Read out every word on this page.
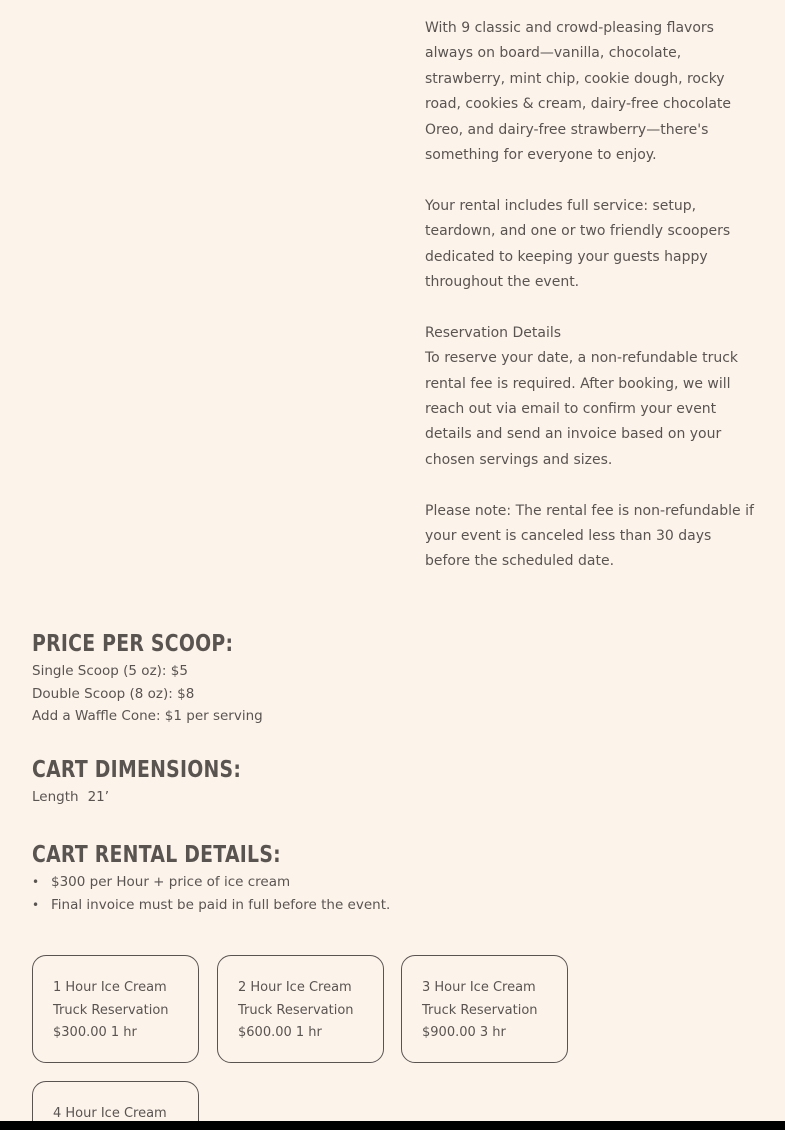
With 9 classic and crowd-pleasing flavors always on board—vanilla, chocolate, strawberry, mint chip, cookie dough, rocky road, cookies & cream, dairy-free chocolate Oreo, and dairy-free strawberry—there's something for everyone to enjoy.

Your rental includes full service: setup, teardown, and one or two friendly scoopers dedicated to keeping your guests happy throughout the event.

Reservation Details
To reserve your date, a non-refundable truck rental fee is required. After booking, we will reach out via email to confirm your event details and send an invoice based on your chosen servings and sizes.

Please note: The rental fee is non-refundable if your event is canceled less than 30 days before the scheduled date.

PRICE PER SCOOP:

Single Scoop (5 oz): $5

Double Scoop (8 oz): $8

Add a Waffle Cone: $1 per serving

CART DIMENSIONS:
Length 21’
CART RENTAL DETAILS:
• $300 per Hour + price of ice cream
• Final invoice must be paid in full before the event.
1 Hour Ice Cream Truck Reservation
$300.00 1 hr
2 Hour Ice Cream Truck Reservation
$600.00 1 hr
3 Hour Ice Cream Truck Reservation
$900.00 3 hr
4 Hour Ice Cream
